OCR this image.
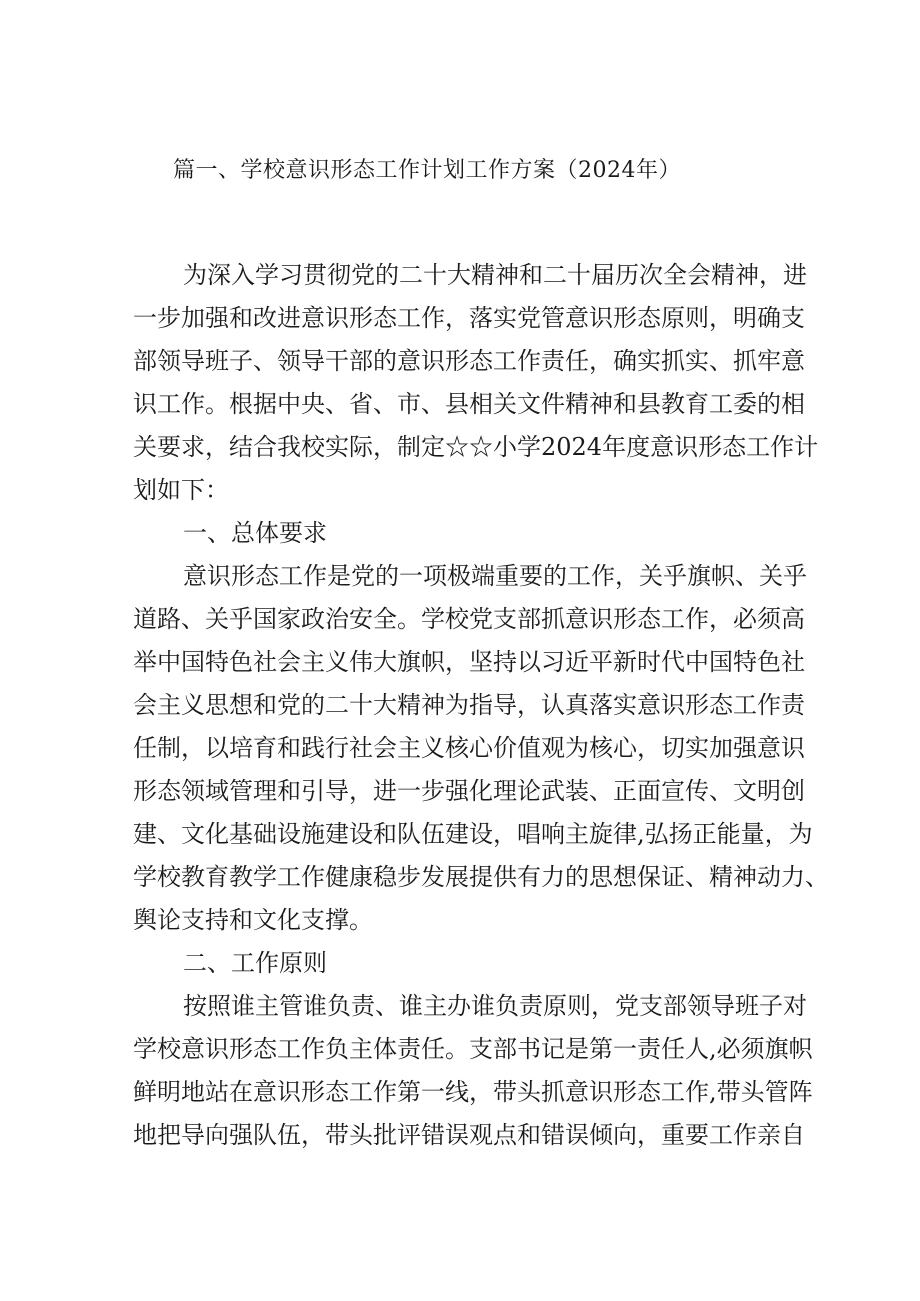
篇一、学校意识形态工作计划工作方案（2024年）
为深入学习贯彻党的二十大精神和二十届历次全会精神，进
一步加强和改进意识形态工作，落实党管意识形态原则，明确支
部领导班子、领导干部的意识形态工作责任，确实抓实、抓牢意
识工作。根据中央、省、市、县相关文件精神和县教育工委的相
关要求，结合我校实际，制定☆☆小学2024年度意识形态工作计
划如下：
一、总体要求
意识形态工作是党的一项极端重要的工作，关乎旗帜、关乎
道路、关乎国家政治安全。学校党支部抓意识形态工作，必须高
举中国特色社会主义伟大旗帜，坚持以习近平新时代中国特色社
会主义思想和党的二十大精神为指导，认真落实意识形态工作责
任制，以培育和践行社会主义核心价值观为核心，切实加强意识
形态领域管理和引导，进一步强化理论武装、正面宣传、文明创
建、文化基础设施建设和队伍建设，唱响主旋律,弘扬正能量，为
学校教育教学工作健康稳步发展提供有力的思想保证、精神动力、
舆论支持和文化支撑。
二、工作原则
按照谁主管谁负责、谁主办谁负责原则，党支部领导班子对
学校意识形态工作负主体责任。支部书记是第一责任人,必须旗帜
鲜明地站在意识形态工作第一线，带头抓意识形态工作,带头管阵
地把导向强队伍，带头批评错误观点和错误倾向，重要工作亲自
